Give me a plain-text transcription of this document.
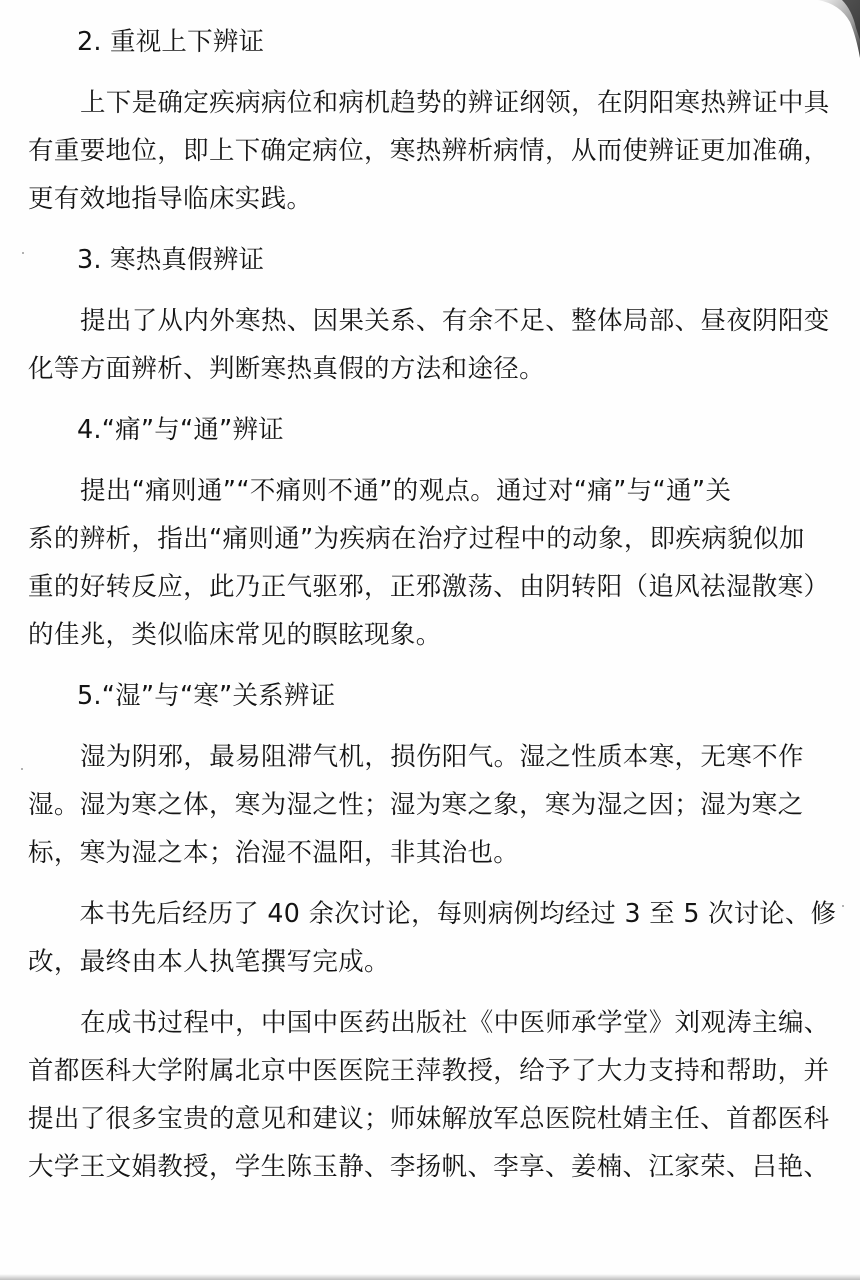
2. 重视上下辨证
上下是确定疾病病位和病机趋势的辨证纲领，在阴阳寒热辨证中具
有重要地位，即上下确定病位，寒热辨析病情，从而使辨证更加准确，
更有效地指导临床实践。
3. 寒热真假辨证
提出了从内外寒热、因果关系、有余不足、整体局部、昼夜阴阳变
化等方面辨析、判断寒热真假的方法和途径。
4.“痛”与“通”辨证
提出“痛则通”“不痛则不通”的观点。通过对“痛”与“通”关
系的辨析，指出“痛则通”为疾病在治疗过程中的动象，即疾病貌似加
重的好转反应，此乃正气驱邪，正邪激荡、由阴转阳（追风祛湿散寒）
的佳兆，类似临床常见的瞑眩现象。
5.“湿”与“寒”关系辨证
湿为阴邪，最易阻滞气机，损伤阳气。湿之性质本寒，无寒不作
湿。湿为寒之体，寒为湿之性；湿为寒之象，寒为湿之因；湿为寒之
标，寒为湿之本；治湿不温阳，非其治也。
本书先后经历了 40 余次讨论，每则病例均经过 3 至 5 次讨论、修
改，最终由本人执笔撰写完成。
在成书过程中，中国中医药出版社《中医师承学堂》刘观涛主编、
首都医科大学附属北京中医医院王萍教授，给予了大力支持和帮助，并
提出了很多宝贵的意见和建议；师妹解放军总医院杜婧主任、首都医科
大学王文娟教授，学生陈玉静、李扬帆、李享、姜楠、江家荣、吕艳、
